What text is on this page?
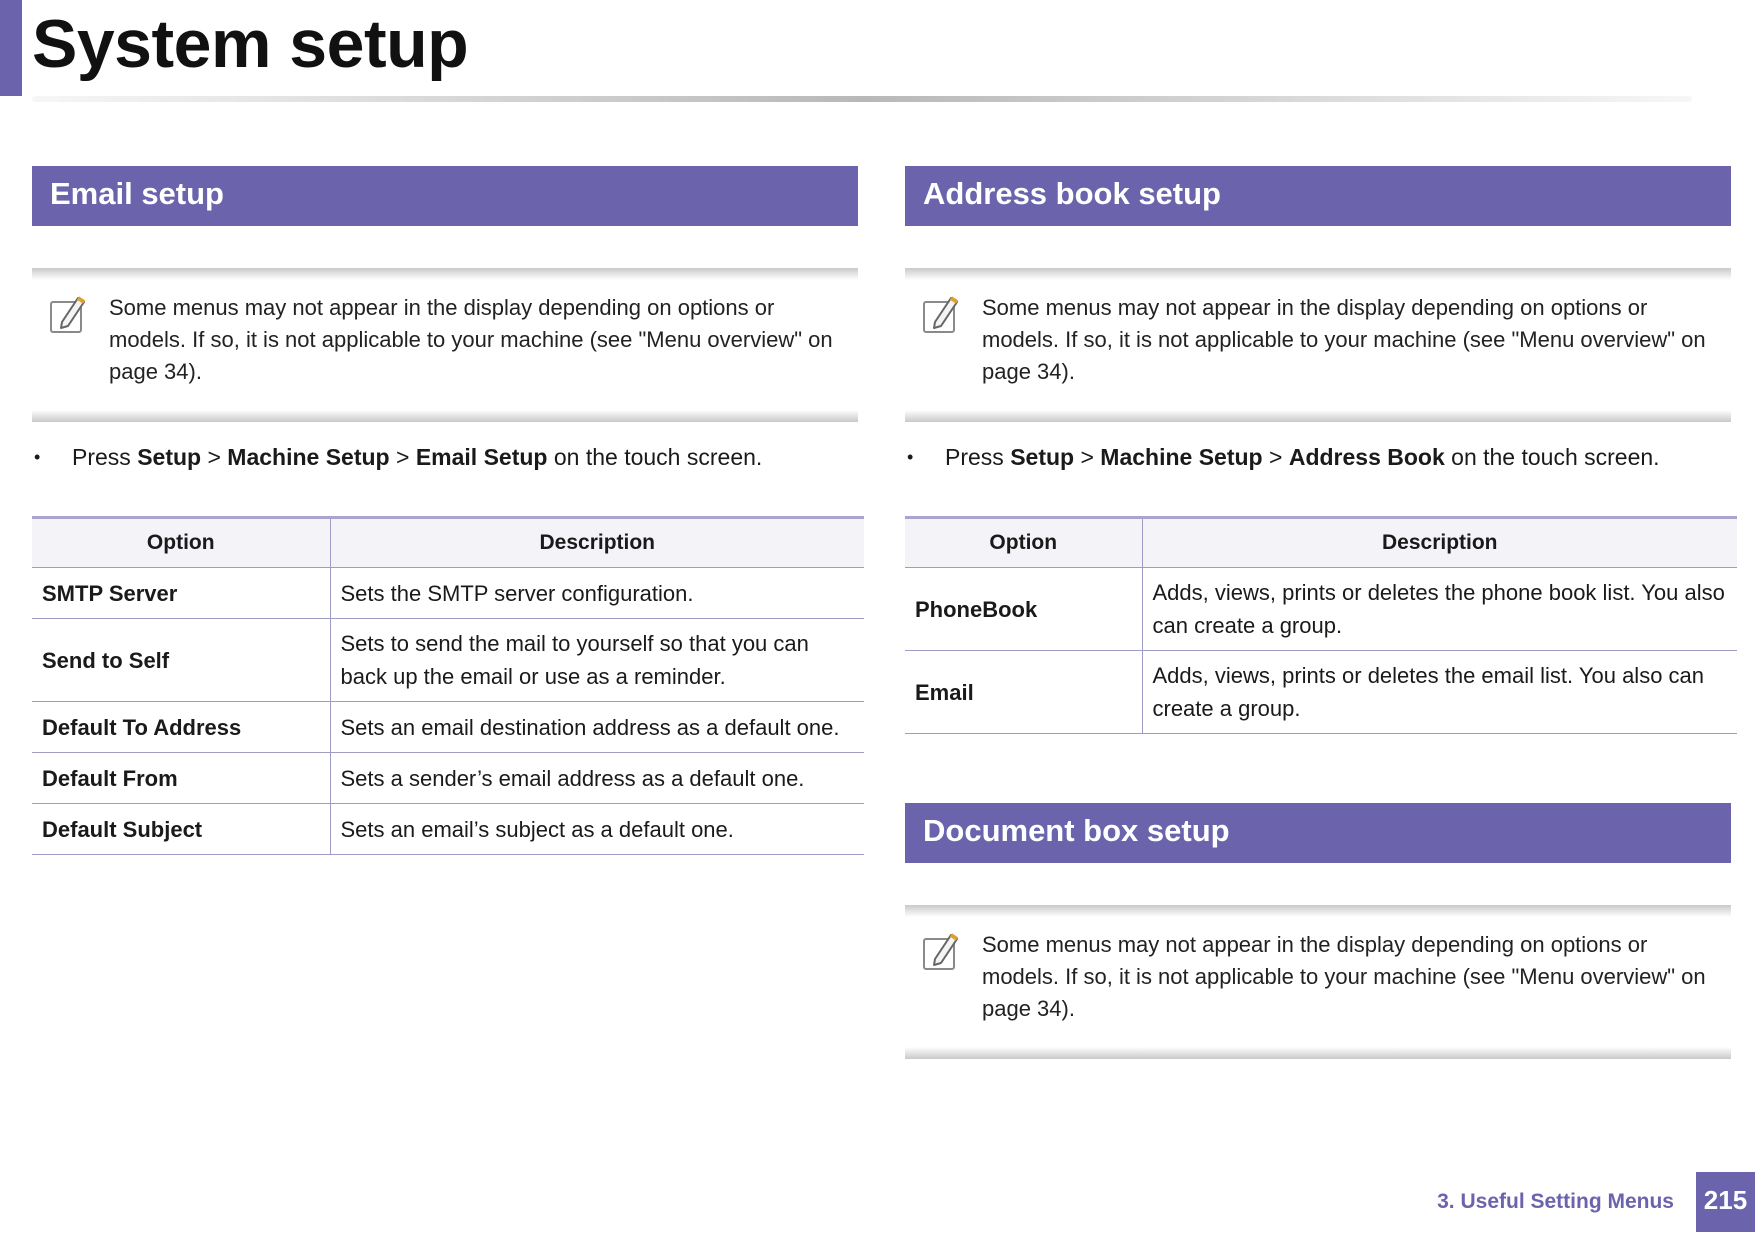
System setup
Email setup
Some menus may not appear in the display depending on options or models. If so, it is not applicable to your machine (see "Menu overview" on page 34).
• Press Setup > Machine Setup > Email Setup on the touch screen.
Option	Description
SMTP Server	Sets the SMTP server configuration.
Send to Self	Sets to send the mail to yourself so that you can back up the email or use as a reminder.
Default To Address	Sets an email destination address as a default one.
Default From	Sets a sender’s email address as a default one.
Default Subject	Sets an email’s subject as a default one.
Address book setup
Some menus may not appear in the display depending on options or models. If so, it is not applicable to your machine (see "Menu overview" on page 34).
• Press Setup > Machine Setup > Address Book on the touch screen.
Option	Description
PhoneBook	Adds, views, prints or deletes the phone book list. You also can create a group.
Email	Adds, views, prints or deletes the email list. You also can create a group.
Document box setup
Some menus may not appear in the display depending on options or models. If so, it is not applicable to your machine (see "Menu overview" on page 34).
3. Useful Setting Menus 215
